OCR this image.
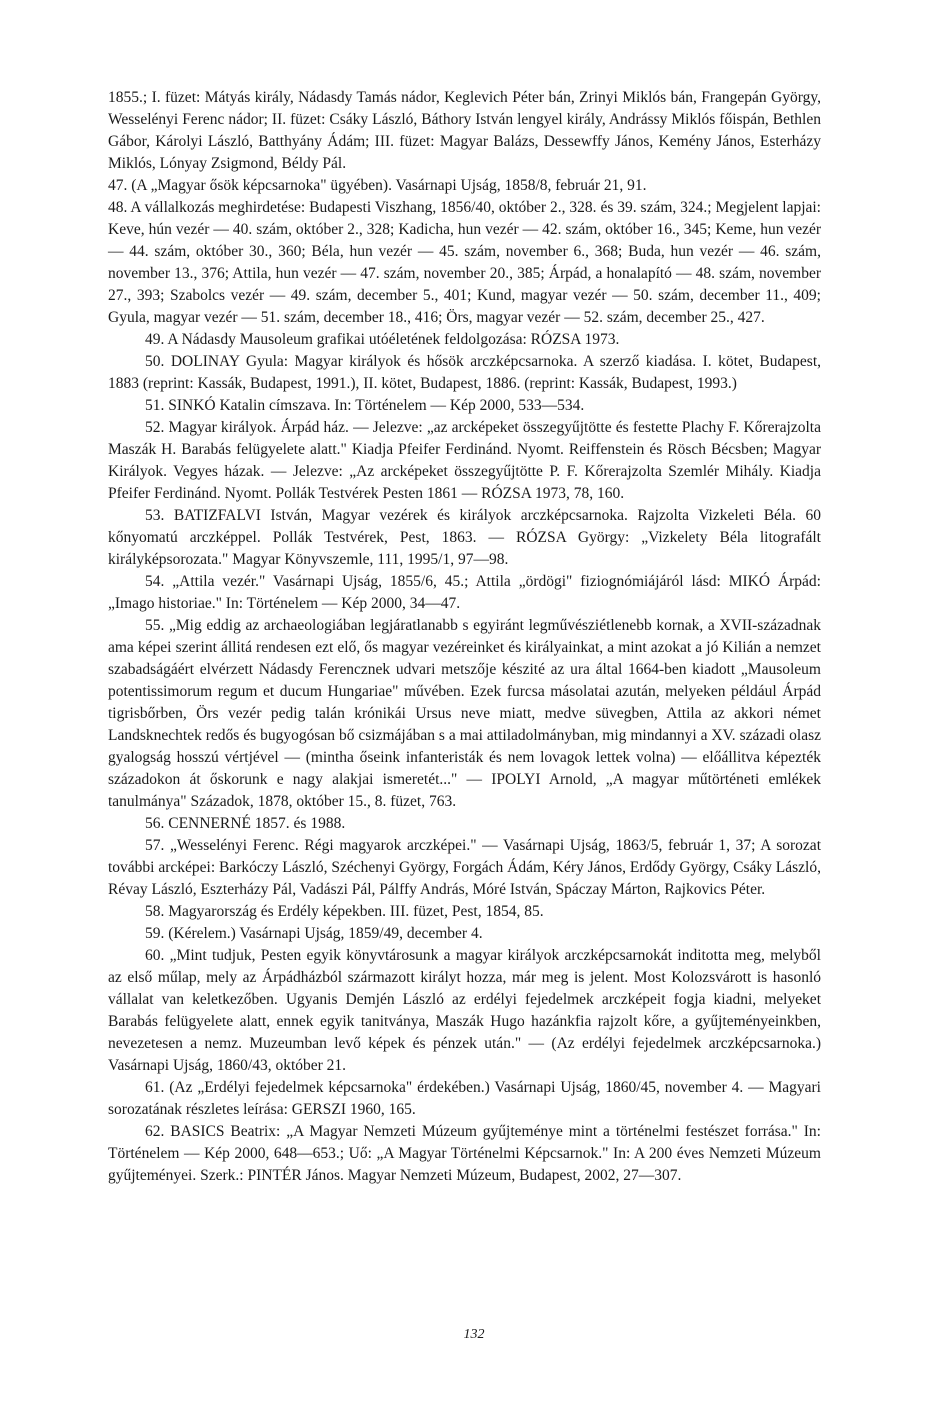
1855.; I. füzet: Mátyás király, Nádasdy Tamás nádor, Keglevich Péter bán, Zrinyi Miklós bán, Frangepán György, Wesselényi Ferenc nádor; II. füzet: Csáky László, Báthory István lengyel király, Andrássy Miklós főispán, Bethlen Gábor, Károlyi László, Batthyány Ádám; III. füzet: Magyar Balázs, Dessewffy János, Kemény János, Esterházy Miklós, Lónyay Zsigmond, Béldy Pál.

47. (A „Magyar ősök képcsarnoka" ügyében). Vasárnapi Ujság, 1858/8, február 21, 91.

48. A vállalkozás meghirdetése: Budapesti Viszhang, 1856/40, október 2., 328. és 39. szám, 324.; Megjelent lapjai: Keve, hún vezér — 40. szám, október 2., 328; Kadicha, hun vezér — 42. szám, október 16., 345; Keme, hun vezér — 44. szám, október 30., 360; Béla, hun vezér — 45. szám, november 6., 368; Buda, hun vezér — 46. szám, november 13., 376; Attila, hun vezér — 47. szám, november 20., 385; Árpád, a honalapító — 48. szám, november 27., 393; Szabolcs vezér — 49. szám, december 5., 401; Kund, magyar vezér — 50. szám, december 11., 409; Gyula, magyar vezér — 51. szám, december 18., 416; Örs, magyar vezér — 52. szám, december 25., 427.

49. A Nádasdy Mausoleum grafikai utóéletének feldolgozása: RÓZSA 1973.

50. DOLINAY Gyula: Magyar királyok és hősök arczképcsarnoka. A szerző kiadása. I. kötet, Budapest, 1883 (reprint: Kassák, Budapest, 1991.), II. kötet, Budapest, 1886. (reprint: Kassák, Budapest, 1993.)

51. SINKÓ Katalin címszava. In: Történelem — Kép 2000, 533—534.

52. Magyar királyok. Árpád ház. — Jelezve: „az arcképeket összegyűjtötte és festette Plachy F. Kőrerajzolta Maszák H. Barabás felügyelete alatt." Kiadja Pfeifer Ferdinánd. Nyomt. Reiffenstein és Rösch Bécsben; Magyar Királyok. Vegyes házak. — Jelezve: „Az arcképeket összegyűjtötte P. F. Kőrerajzolta Szemlér Mihály. Kiadja Pfeifer Ferdinánd. Nyomt. Pollák Testvérek Pesten 1861 — RÓZSA 1973, 78, 160.

53. BATIZFALVI István, Magyar vezérek és királyok arczképcsarnoka. Rajzolta Vizkeleti Béla. 60 kőnyomatú arczképpel. Pollák Testvérek, Pest, 1863. — RÓZSA György: „Vizkelety Béla litografált királyképsorozata." Magyar Könyvszemle, 111, 1995/1, 97—98.

54. „Attila vezér." Vasárnapi Ujság, 1855/6, 45.; Attila „ördögi" fiziognómiájáról lásd: MIKÓ Árpád: „Imago historiae." In: Történelem — Kép 2000, 34—47.

55. „Mig eddig az archaeologiában legjáratlanabb s egyiránt legművésziétlenebb kornak, a XVII-századnak ama képei szerint állitá rendesen ezt elő, ős magyar vezéreinket és királyainkat, a mint azokat a jó Kilián a nemzet szabadságáért elvérzett Nádasdy Ferencznek udvari metszője készité az ura által 1664-ben kiadott „Mausoleum potentissimorum regum et ducum Hungariae" művében. Ezek furcsa másolatai azután, melyeken például Árpád tigrisbőrben, Örs vezér pedig talán krónikái Ursus neve miatt, medve süvegben, Attila az akkori német Landsknechtek redős és bugyogósan bő csizmájában s a mai attiladolmányban, mig mindannyi a XV. századi olasz gyalogság hosszú vértjével — (mintha őseink infanteristák és nem lovagok lettek volna) — előállitva képezték századokon át őskorunk e nagy alakjai ismeretét..." — IPOLYI Arnold, „A magyar műtörténeti emlékek tanulmánya" Századok, 1878, október 15., 8. füzet, 763.

56. CENNERNÉ 1857. és 1988.

57. „Wesselényi Ferenc. Régi magyarok arczképei." — Vasárnapi Ujság, 1863/5, február 1, 37; A sorozat további arcképei: Barkóczy László, Széchenyi György, Forgách Ádám, Kéry János, Erdődy György, Csáky László, Révay László, Eszterházy Pál, Vadászi Pál, Pálffy András, Móré István, Spáczay Márton, Rajkovics Péter.

58. Magyarország és Erdély képekben. III. füzet, Pest, 1854, 85.

59. (Kérelem.) Vasárnapi Ujság, 1859/49, december 4.

60. „Mint tudjuk, Pesten egyik könyvtárosunk a magyar királyok arczképcsarnokát inditotta meg, melyből az első műlap, mely az Árpádházból származott királyt hozza, már meg is jelent. Most Kolozsvárott is hasonló vállalat van keletkezőben. Ugyanis Demjén László az erdélyi fejedelmek arczképeit fogja kiadni, melyeket Barabás felügyelete alatt, ennek egyik tanitványa, Maszák Hugo hazánkfia rajzolt kőre, a gyűjteményeinkben, nevezetesen a nemz. Muzeumban levő képek és pénzek után." — (Az erdélyi fejedelmek arczképcsarnoka.) Vasárnapi Ujság, 1860/43, október 21.

61. (Az „Erdélyi fejedelmek képcsarnoka" érdekében.) Vasárnapi Ujság, 1860/45, november 4. — Magyari sorozatának részletes leírása: GERSZI 1960, 165.

62. BASICS Beatrix: „A Magyar Nemzeti Múzeum gyűjteménye mint a történelmi festészet forrása." In: Történelem — Kép 2000, 648—653.; Uő: „A Magyar Történelmi Képcsarnok." In: A 200 éves Nemzeti Múzeum gyűjteményei. Szerk.: PINTÉR János. Magyar Nemzeti Múzeum, Budapest, 2002, 27—307.

132
